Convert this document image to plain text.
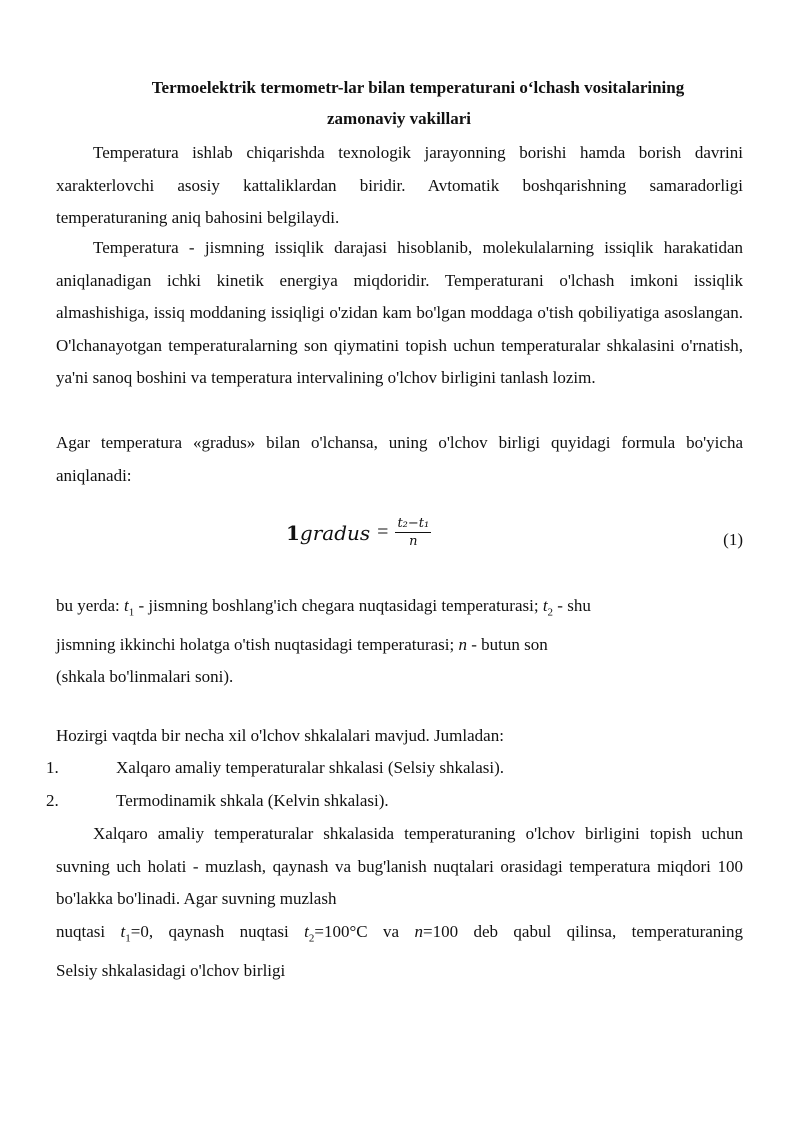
Termoelektrik termometr-lar bilan temperaturani o‘lchash vositalarining

zamonaviy vakillari

Temperatura ishlab chiqarishda texnologik jarayonning borishi hamda borish davrini xarakterlovchi asosiy kattaliklardan biridir. Avtomatik boshqarishning samaradorligi temperaturaning aniq bahosini belgilaydi.

Temperatura - jismning issiqlik darajasi hisoblanib, molekulalarning issiqlik harakatidan aniqlanadigan ichki kinetik energiya miqdoridir. Temperaturani o'lchash imkoni issiqlik almashishiga, issiq moddaning issiqligi o'zidan kam bo'lgan moddaga o'tish qobiliyatiga asoslangan. O'lchanayotgan temperaturalarning son qiymatini topish uchun temperaturalar shkalasini o'rnatish, ya'ni sanoq boshini va temperatura intervalining o'lchov birligini tanlash lozim.

Agar temperatura «gradus» bilan o'lchansa, uning o'lchov birligi quyidagi formula bo'yicha aniqlanadi:

1 gradus = $\frac{\text{t₂−t₁}}{n}$	(1)
bu yerda: $t_1$ - jismning boshlang'ich chegara nuqtasidagi temperaturasi; $t_2$ - shu
jismning ikkinchi holatga o'tish nuqtasidagi temperaturasi; n - butun son
(shkala bo'linmalari soni).

Hozirgi vaqtda bir necha xil o'lchov shkalalari mavjud. Jumladan:

1.	Xalqaro amaliy temperaturalar shkalasi (Selsiy shkalasi).
2.	Termodinamik shkala (Kelvin shkalasi).

Xalqaro amaliy temperaturalar shkalasida temperaturaning o'lchov birligini topish uchun suvning uch holati - muzlash, qaynash va bug'lanish nuqtalari orasidagi temperatura miqdori 100 bo'lakka bo'linadi. Agar suvning muzlash

nuqtasi $t_1=0$, qaynash nuqtasi $t_2=100^\circ C$ va n=100 deb qabul qilinsa, temperaturaning
Selsiy shkalasidagi o'lchov birligi
